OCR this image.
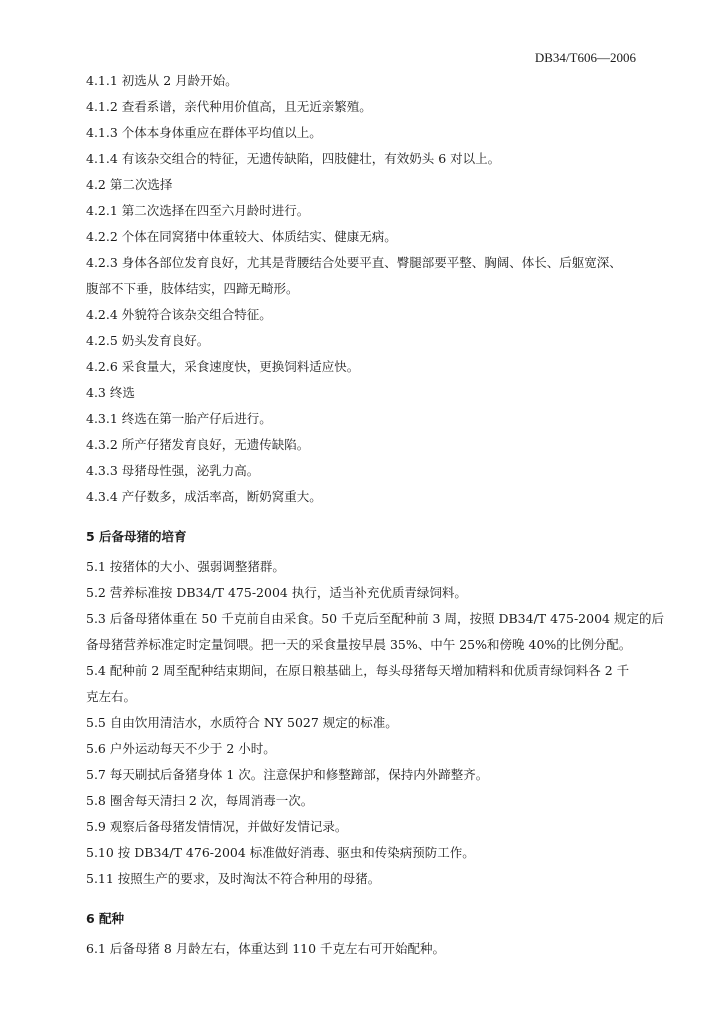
DB34/T606—2006

4.1.1 初选从 2 月龄开始。

4.1.2 查看系谱，亲代种用价值高，且无近亲繁殖。

4.1.3 个体本身体重应在群体平均值以上。

4.1.4 有该杂交组合的特征，无遗传缺陷，四肢健壮，有效奶头 6 对以上。

4.2 第二次选择

4.2.1 第二次选择在四至六月龄时进行。

4.2.2 个体在同窝猪中体重较大、体质结实、健康无病。

4.2.3 身体各部位发育良好，尤其是背腰结合处要平直、臀腿部要平整、胸阔、体长、后躯宽深、

腹部不下垂，肢体结实，四蹄无畸形。

4.2.4 外貌符合该杂交组合特征。

4.2.5 奶头发育良好。

4.2.6 采食量大，采食速度快，更换饲料适应快。

4.3 终选

4.3.1 终选在第一胎产仔后进行。

4.3.2 所产仔猪发育良好，无遗传缺陷。

4.3.3 母猪母性强，泌乳力高。

4.3.4 产仔数多，成活率高，断奶窝重大。

5 后备母猪的培育

5.1 按猪体的大小、强弱调整猪群。

5.2 营养标准按 DB34/T 475-2004 执行，适当补充优质青绿饲料。

5.3 后备母猪体重在 50 千克前自由采食。50 千克后至配种前 3 周，按照 DB34/T 475-2004 规定的后

备母猪营养标准定时定量饲喂。把一天的采食量按早晨 35%、中午 25%和傍晚 40%的比例分配。

5.4 配种前 2 周至配种结束期间，在原日粮基础上，每头母猪每天增加精料和优质青绿饲料各 2 千

克左右。

5.5 自由饮用清洁水，水质符合 NY 5027 规定的标准。

5.6 户外运动每天不少于 2 小时。

5.7 每天刷拭后备猪身体 1 次。注意保护和修整蹄部，保持内外蹄整齐。

5.8 圈舍每天清扫 2 次，每周消毒一次。

5.9 观察后备母猪发情情况，并做好发情记录。

5.10 按 DB34/T 476-2004 标准做好消毒、驱虫和传染病预防工作。

5.11 按照生产的要求，及时淘汰不符合种用的母猪。

6 配种

6.1 后备母猪 8 月龄左右，体重达到 110 千克左右可开始配种。
